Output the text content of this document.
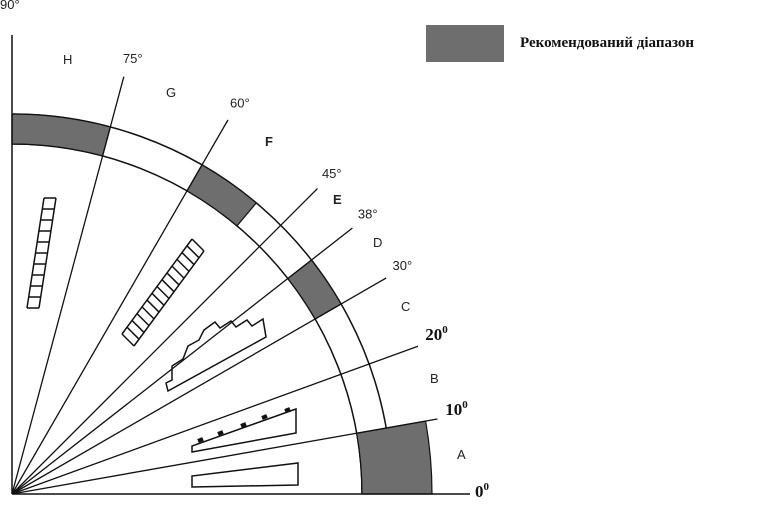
$10^0$
$20^0$
30°
38°
45°
60°
75°
$0^0$
90°
A
B
C
D
E
F
G
H
Рекомендований діапазон
